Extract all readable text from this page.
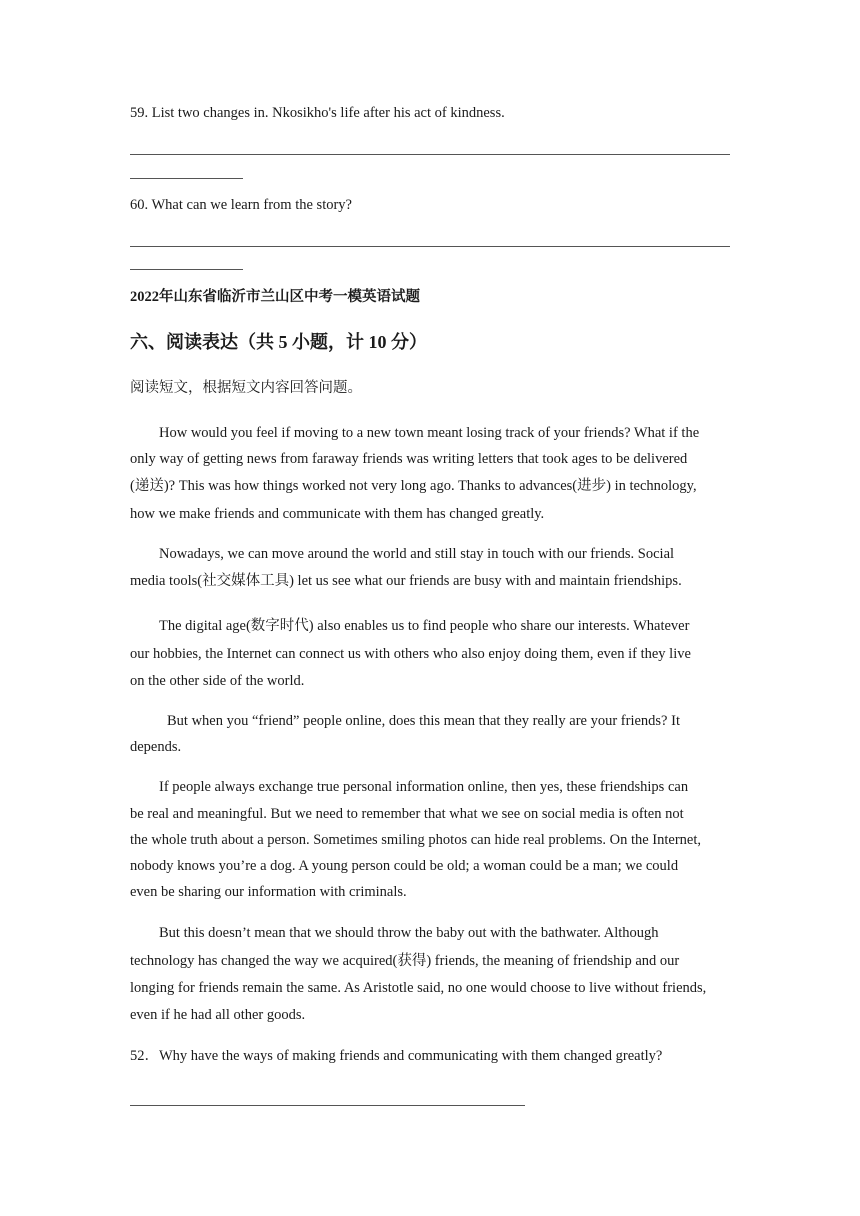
59. List two changes in. Nkosikho's life after his act of kindness.
60. What can we learn from the story?
2022年山东省临沂市兰山区中考一模英语试题
六、阅读表达（共 5 小题，计 10 分）
阅读短文，根据短文内容回答问题。
How would you feel if moving to a new town meant losing track of your friends? What if the
only way of getting news from faraway friends was writing letters that took ages to be delivered
(递送)? This was how things worked not very long ago. Thanks to advances(进步) in technology,
how we make friends and communicate with them has changed greatly.
Nowadays, we can move around the world and still stay in touch with our friends. Social
media tools(社交媒体工具) let us see what our friends are busy with and maintain friendships.
The digital age(数字时代) also enables us to find people who share our interests. Whatever
our hobbies, the Internet can connect us with others who also enjoy doing them, even if they live
on the other side of the world.
But when you “friend” people online, does this mean that they really are your friends? It
depends.
If people always exchange true personal information online, then yes, these friendships can
be real and meaningful. But we need to remember that what we see on social media is often not
the whole truth about a person. Sometimes smiling photos can hide real problems. On the Internet,
nobody knows you’re a dog. A young person could be old; a woman could be a man; we could
even be sharing our information with criminals.
But this doesn’t mean that we should throw the baby out with the bathwater. Although
technology has changed the way we acquired(获得) friends, the meaning of friendship and our
longing for friends remain the same. As Aristotle said, no one would choose to live without friends,
even if he had all other goods.
52．Why have the ways of making friends and communicating with them changed greatly?
